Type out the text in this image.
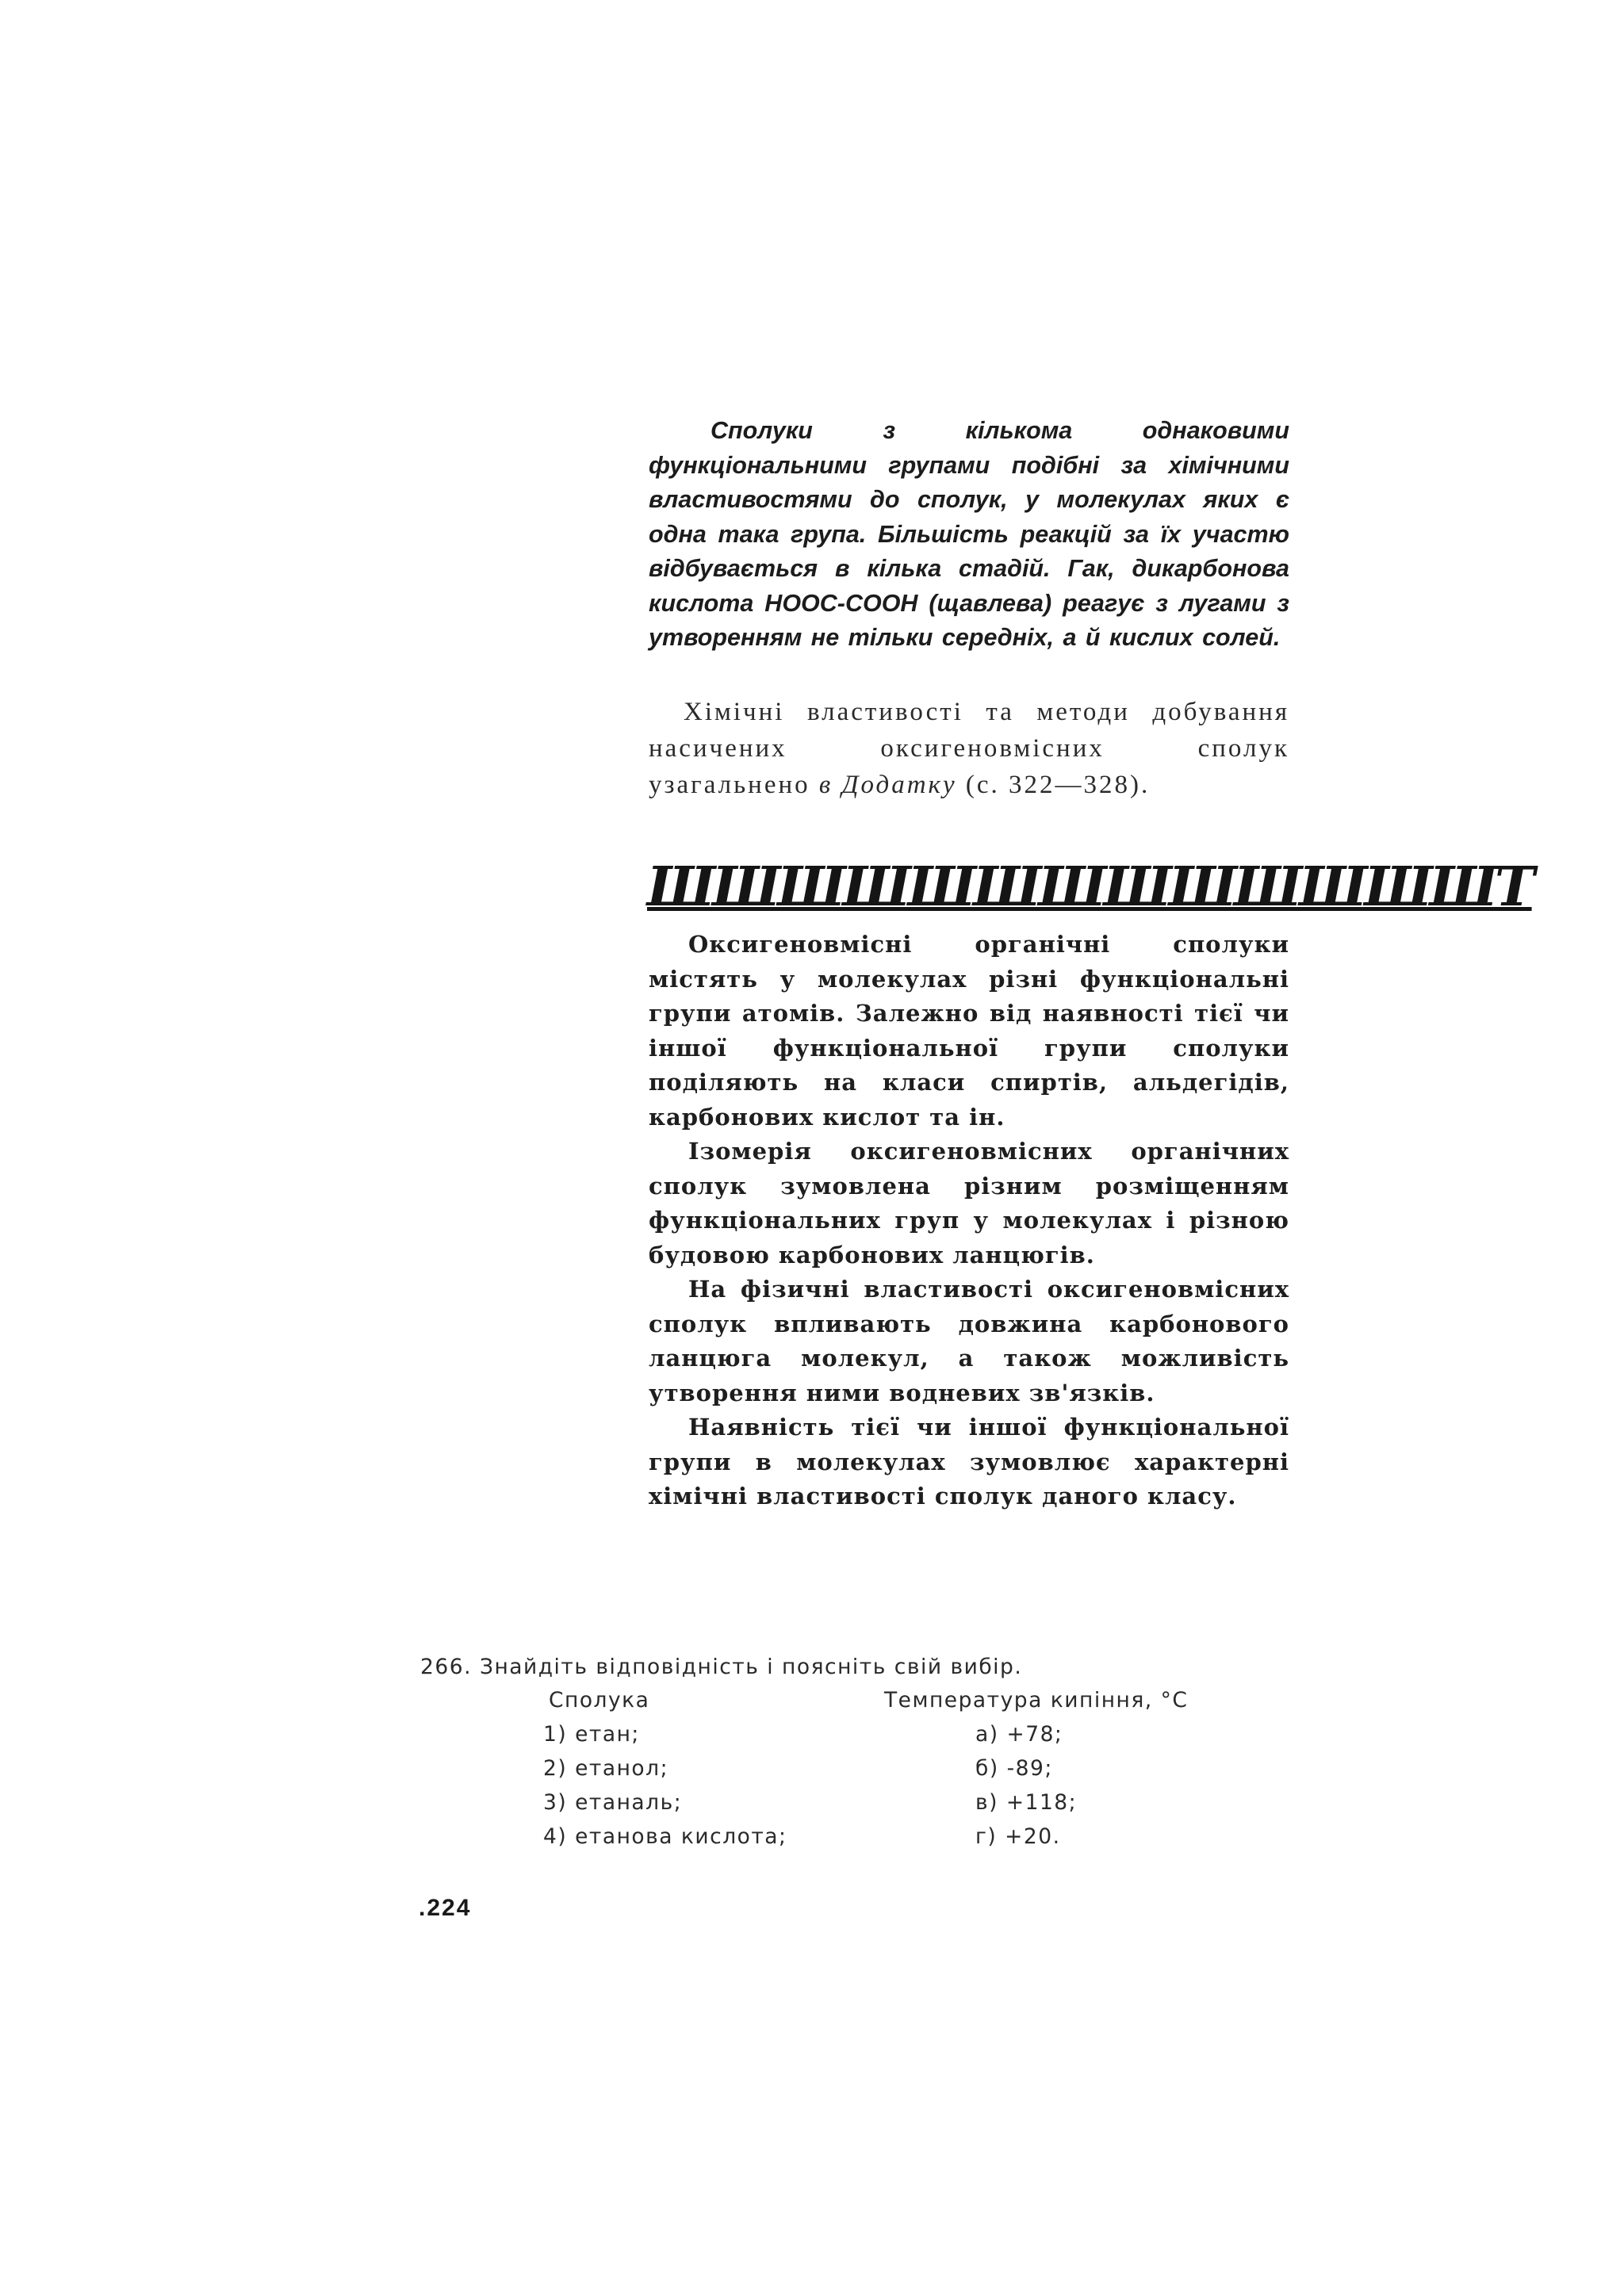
Сполуки з кількома однаковими функціональними групами подібні за хімічними властивостями до сполук, у молекулах яких є одна така група. Більшість реакцій за їх участю відбувається в кілька стадій. Гак, дикарбонова кислота НООС-СООН (щавлева) реагує з лугами з утворенням не тільки середніх, а й кислих солей.
Хімічні властивості та методи добування насичених оксигеновмісних сполук узагальнено в Додатку (с. 322—328).
ШШШШШШШШШШШШШТ

Оксигеновмісні органічні сполуки містять у молекулах різні функціональні групи атомів. Залежно від наявності тієї чи іншої функціональної групи сполуки поділяють на класи спиртів, альдегідів, карбонових кислот та ін.

Ізомерія оксигеновмісних органічних сполук зумовлена різним розміщенням функціональних груп у молекулах і різною будовою карбонових ланцюгів.

На фізичні властивості оксигеновмісних сполук впливають довжина карбонового ланцюга молекул, а також можливість утворення ними водневих зв'язків.

Наявність тієї чи іншої функціональної групи в молекулах зумовлює характерні хімічні властивості сполук даного класу.

266. Знайдіть відповідність і поясніть свій вибір.
Сполука	Температура кипіння, °С
1) етан;	а) +78;
2) етанол;	б) -89;
3) етаналь;	в) +118;
4) етанова кислота;	г) +20.
.224
